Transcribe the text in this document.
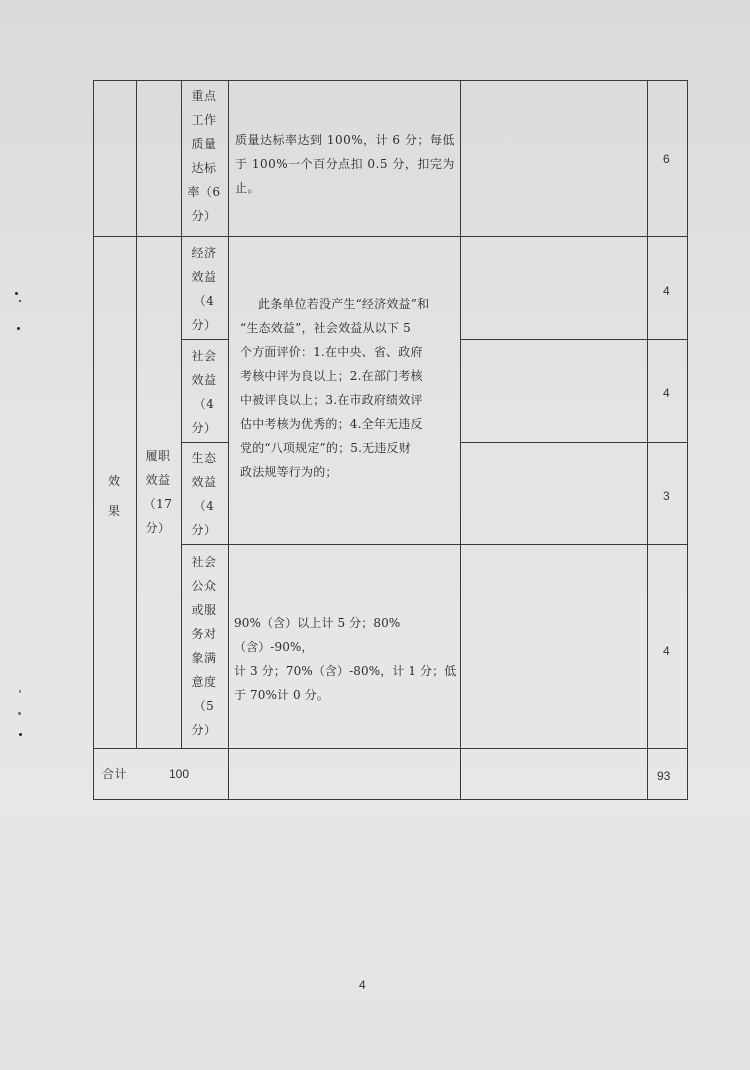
重点
工作
质量
达标
率（6
分）
质量达标率达到 100%，计 6 分；每低
于 100%一个百分点扣 0.5 分，扣完为
止。
6
效
果
履职
效益
（17
分）
经济
效益
（4
分）
社会
效益
（4
分）
生态
效益
（4
分）
此条单位若没产生“经济效益”和
“生态效益”，社会效益从以下 5
个方面评价：1.在中央、省、政府
考核中评为良以上；2.在部门考核
中被评良以上；3.在市政府绩效评
估中考核为优秀的；4.全年无违反
党的“八项规定”的；5.无违反财
政法规等行为的；
4
4
3
社会
公众
或服
务对
象满
意度
（5
分）
90%（含）以上计 5 分；80%（含）-90%，
计 3 分；70%（含）-80%，计 1 分；低
于 70%计 0 分。
4
合计	100	93
4
